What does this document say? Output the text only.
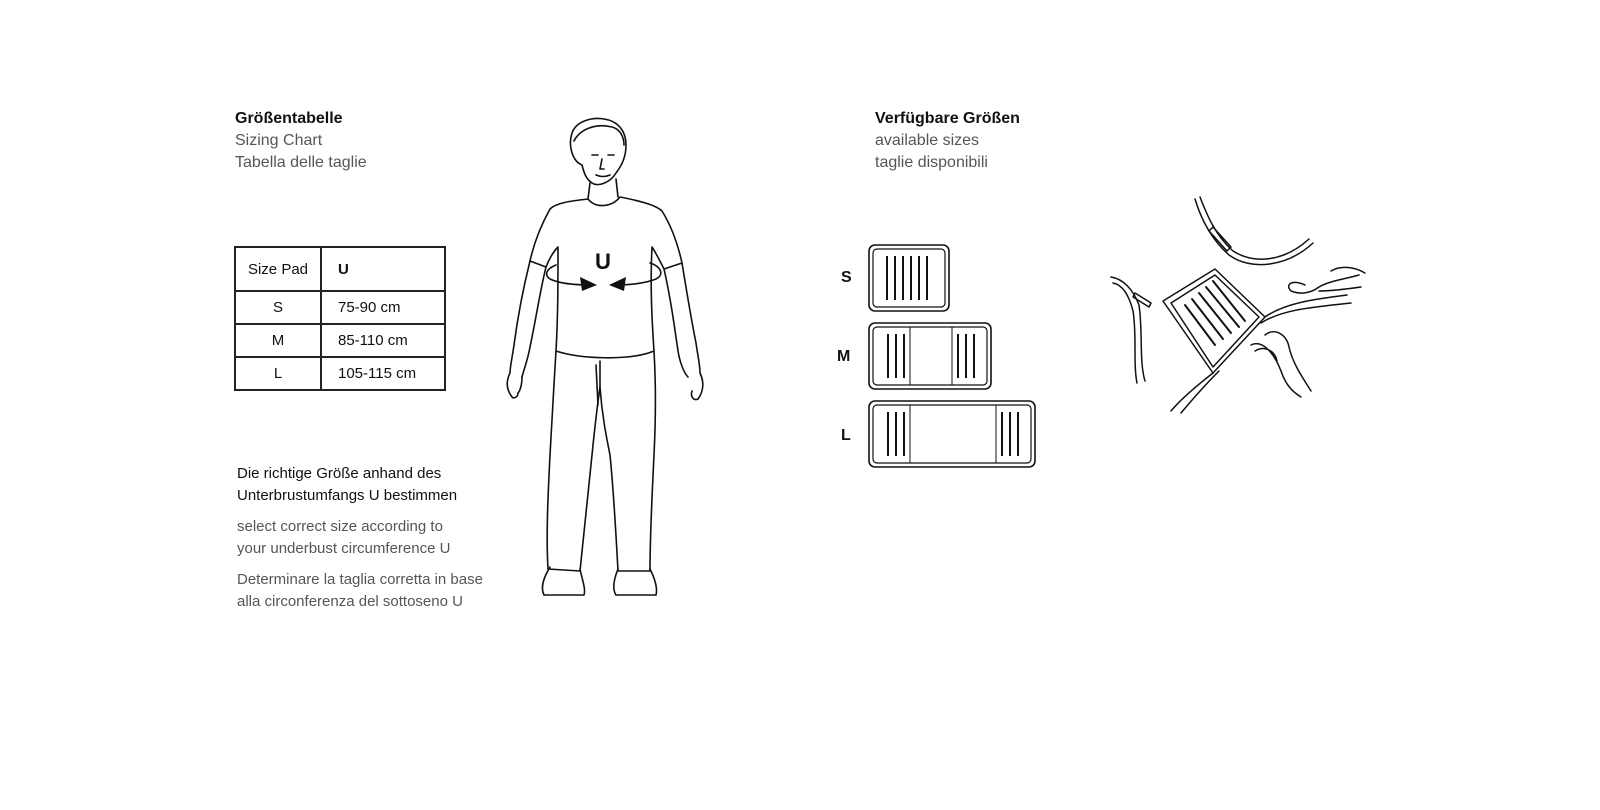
Größentabelle
Sizing Chart
Tabella delle taglie
Size Pad	U
S	75-90 cm
M	85-110 cm
L	105-115 cm
Die richtige Größe anhand des
Unterbrustumfangs U bestimmen
select correct size according to
your underbust circumference U
Determinare la taglia corretta in base
alla circonferenza del sottoseno U
U
Verfügbare Größen
available sizes
taglie disponibili
S
M
L
